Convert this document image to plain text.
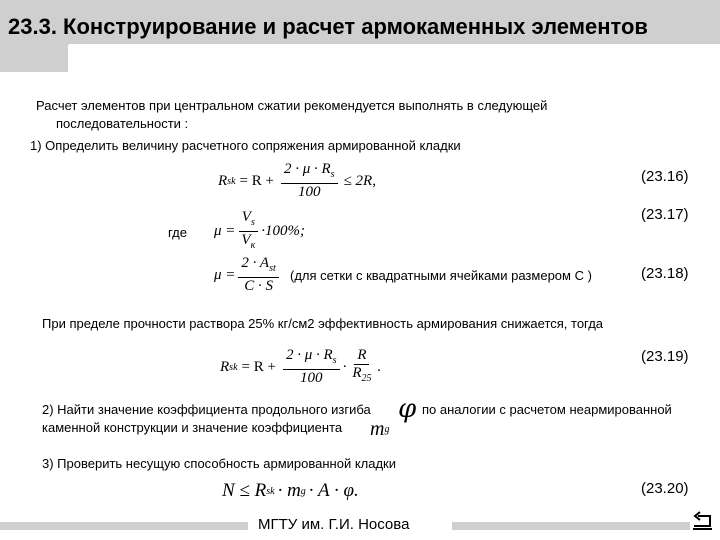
23.3. Конструирование и расчет армокаменных элементов
Расчет элементов при центральном сжатии рекомендуется выполнять в следующей
последовательности :
1) Определить величину расчетного сопряжения армированной кладки
R sk = $R + \frac{2 \cdot \mu \cdot R_s}{100} \le 2R$,	(23.16)
(23.17)
где $\mu = \frac{V_s}{V_к} \cdot 100\%$;
$\mu = \frac{2 \cdot A_{st}}{C \cdot S} (для$ сетки с квадратными ячейками размером С )	(23.18)
При пределе прочности раствора 25% кг/см2 эффективность армирования снижается, тогда
(23.19)
R sk = $R + \frac{2 \cdot \mu \cdot R_s}{100} \cdot \frac{R}{R_{25}}$ .
2) Найти значение коэффициента продольного изгиба φ по аналогии с расчетом неармированной
каменной конструкции и значение коэффициента m g
3) Проверить несущую способность армированной кладки
N ≤ R sk · m g · A · φ.	(23.20)
МГТУ им. Г.И. Носова
